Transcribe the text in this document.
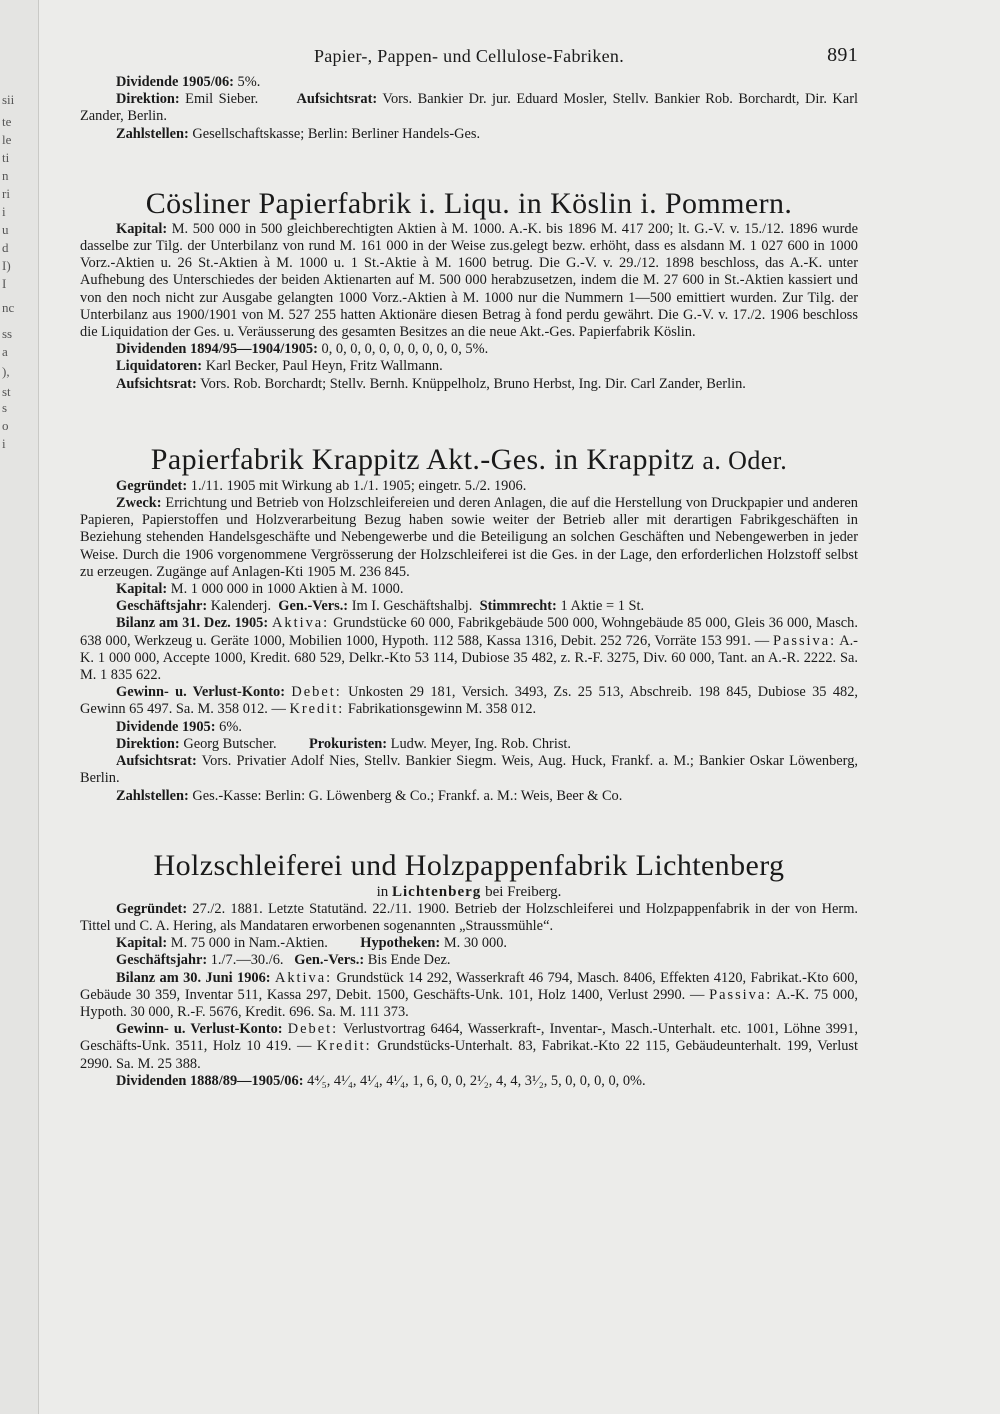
sii
te
le
ti
n
ri
i
u
d
I)
I
nc
ss
a
),
st
s
o
i
Papier-, Pappen- und Cellulose-Fabriken.	891

Dividende 1905/06: 5%.

Direktion: Emil Sieber.	Aufsichtsrat: Vors. Bankier Dr. jur. Eduard Mosler, Stellv. Bankier Rob. Borchardt, Dir. Karl Zander, Berlin.

Zahlstellen: Gesellschaftskasse; Berlin: Berliner Handels-Ges.

Cösliner Papierfabrik i. Liqu. in Köslin i. Pommern.

Kapital: M. 500 000 in 500 gleichberechtigten Aktien à M. 1000. A.-K. bis 1896 M. 417 200; lt. G.-V. v. 15./12. 1896 wurde dasselbe zur Tilg. der Unterbilanz von rund M. 161 000 in der Weise zus.gelegt bezw. erhöht, dass es alsdann M. 1 027 600 in 1000 Vorz.-Aktien u. 26 St.-Aktien à M. 1000 u. 1 St.-Aktie à M. 1600 betrug. Die G.-V. v. 29./12. 1898 beschloss, das A.-K. unter Aufhebung des Unterschiedes der beiden Aktienarten auf M. 500 000 herabzusetzen, indem die M. 27 600 in St.-Aktien kassiert und von den noch nicht zur Ausgabe gelangten 1000 Vorz.-Aktien à M. 1000 nur die Nummern 1—500 emittiert wurden. Zur Tilg. der Unterbilanz aus 1900/1901 von M. 527 255 hatten Aktionäre diesen Betrag à fond perdu gewährt. Die G.-V. v. 17./2. 1906 beschloss die Liquidation der Ges. u. Veräusserung des gesamten Besitzes an die neue Akt.-Ges. Papierfabrik Köslin.

Dividenden 1894/95—1904/1905: 0, 0, 0, 0, 0, 0, 0, 0, 0, 0, 5%.

Liquidatoren: Karl Becker, Paul Heyn, Fritz Wallmann.

Aufsichtsrat: Vors. Rob. Borchardt; Stellv. Bernh. Knüppelholz, Bruno Herbst, Ing. Dir. Carl Zander, Berlin.

Papierfabrik Krappitz Akt.-Ges. in Krappitz a. Oder.

Gegründet: 1./11. 1905 mit Wirkung ab 1./1. 1905; eingetr. 5./2. 1906.

Zweck: Errichtung und Betrieb von Holzschleifereien und deren Anlagen, die auf die Herstellung von Druckpapier und anderen Papieren, Papierstoffen und Holzverarbeitung Bezug haben sowie weiter der Betrieb aller mit derartigen Fabrikgeschäften in Beziehung stehenden Handelsgeschäfte und Nebengewerbe und die Beteiligung an solchen Geschäften und Nebengewerben in jeder Weise. Durch die 1906 vorgenommene Vergrösserung der Holzschleiferei ist die Ges. in der Lage, den erforderlichen Holzstoff selbst zu erzeugen. Zugänge auf Anlagen-Kti 1905 M. 236 845.

Kapital: M. 1 000 000 in 1000 Aktien à M. 1000.

Geschäftsjahr: Kalenderj. Gen.-Vers.: Im I. Geschäftshalbj. Stimmrecht: 1 Aktie = 1 St.

Bilanz am 31. Dez. 1905: Aktiva: Grundstücke 60 000, Fabrikgebäude 500 000, Wohngebäude 85 000, Gleis 36 000, Masch. 638 000, Werkzeug u. Geräte 1000, Mobilien 1000, Hypoth. 112 588, Kassa 1316, Debit. 252 726, Vorräte 153 991. — Passiva: A.-K. 1 000 000, Accepte 1000, Kredit. 680 529, Delkr.-Kto 53 114, Dubiose 35 482, z. R.-F. 3275, Div. 60 000, Tant. an A.-R. 2222. Sa. M. 1 835 622.

Gewinn- u. Verlust-Konto: Debet: Unkosten 29 181, Versich. 3493, Zs. 25 513, Abschreib. 198 845, Dubiose 35 482, Gewinn 65 497. Sa. M. 358 012. — Kredit: Fabrikationsgewinn M. 358 012.

Dividende 1905: 6%.

Direktion: Georg Butscher. Prokuristen: Ludw. Meyer, Ing. Rob. Christ.

Aufsichtsrat: Vors. Privatier Adolf Nies, Stellv. Bankier Siegm. Weis, Aug. Huck, Frankf. a. M.; Bankier Oskar Löwenberg, Berlin.

Zahlstellen: Ges.-Kasse: Berlin: G. Löwenberg & Co.; Frankf. a. M.: Weis, Beer & Co.

Holzschleiferei und Holzpappenfabrik Lichtenberg

in Lichtenberg bei Freiberg.

Gegründet: 27./2. 1881. Letzte Statutänd. 22./11. 1900. Betrieb der Holzschleiferei und Holzpappenfabrik in der von Herm. Tittel und C. A. Hering, als Mandataren erworbenen sogenannten „Straussmühle“.

Kapital: M. 75 000 in Nam.-Aktien. Hypotheken: M. 30 000.

Geschäftsjahr: 1./7.—30./6. Gen.-Vers.: Bis Ende Dez.

Bilanz am 30. Juni 1906: Aktiva: Grundstück 14 292, Wasserkraft 46 794, Masch. 8406, Effekten 4120, Fabrikat.-Kto 600, Gebäude 30 359, Inventar 511, Kassa 297, Debit. 1500, Geschäfts-Unk. 101, Holz 1400, Verlust 2990. — Passiva: A.-K. 75 000, Hypoth. 30 000, R.-F. 5676, Kredit. 696. Sa. M. 111 373.

Gewinn- u. Verlust-Konto: Debet: Verlustvortrag 6464, Wasserkraft-, Inventar-, Masch.-Unterhalt. etc. 1001, Löhne 3991, Geschäfts-Unk. 3511, Holz 10 419. — Kredit: Grundstücks-Unterhalt. 83, Fabrikat.-Kto 22 115, Gebäudeunterhalt. 199, Verlust 2990. Sa. M. 25 388.

Dividenden 1888/89—1905/06: 4⁴⁄₅, 4¹⁄₄, 4¹⁄₄, 4¹⁄₄, 1, 6, 0, 0, 2¹⁄₂, 4, 4, 3¹⁄₂, 5, 0, 0, 0, 0, 0%.
